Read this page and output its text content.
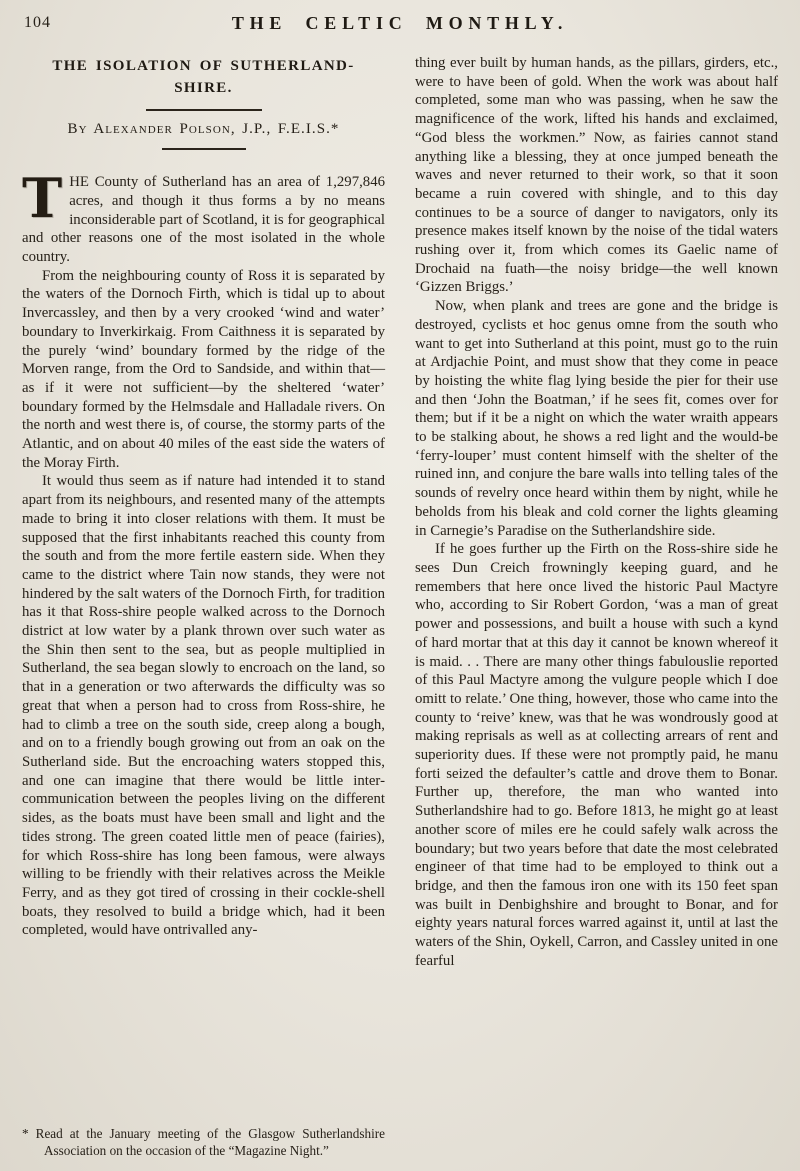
104	THE CELTIC MONTHLY.
THE ISOLATION OF SUTHERLAND-SHIRE.
By Alexander Polson, J.P., F.E.I.S.*

T HE County of Sutherland has an area of 1,297,846 acres, and though it thus forms a by no means inconsiderable part of Scotland, it is for geographical and other reasons one of the most isolated in the whole country.

From the neighbouring county of Ross it is separated by the waters of the Dornoch Firth, which is tidal up to about Invercassley, and then by a very crooked ‘wind and water’ boundary to Inverkirkaig. From Caithness it is separated by the purely ‘wind’ boundary formed by the ridge of the Morven range, from the Ord to Sandside, and within that—as if it were not sufficient—by the sheltered ‘water’ boundary formed by the Helmsdale and Halladale rivers. On the north and west there is, of course, the stormy parts of the Atlantic, and on about 40 miles of the east side the waters of the Moray Firth.

It would thus seem as if nature had intended it to stand apart from its neighbours, and resented many of the attempts made to bring it into closer relations with them. It must be supposed that the first inhabitants reached this county from the south and from the more fertile eastern side. When they came to the district where Tain now stands, they were not hindered by the salt waters of the Dornoch Firth, for tradition has it that Ross-shire people walked across to the Dornoch district at low water by a plank thrown over such water as the Shin then sent to the sea, but as people multiplied in Sutherland, the sea began slowly to encroach on the land, so that in a generation or two afterwards the difficulty was so great that when a person had to cross from Ross-shire, he had to climb a tree on the south side, creep along a bough, and on to a friendly bough growing out from an oak on the Sutherland side. But the encroaching waters stopped this, and one can imagine that there would be little inter-communication between the peoples living on the different sides, as the boats must have been small and light and the tides strong. The green coated little men of peace (fairies), for which Ross-shire has long been famous, were always willing to be friendly with their relatives across the Meikle Ferry, and as they got tired of crossing in their cockle-shell boats, they resolved to build a bridge which, had it been completed, would have ontrivalled any-

* Read at the January meeting of the Glasgow Sutherlandshire Association on the occasion of the “Magazine Night.”

thing ever built by human hands, as the pillars, girders, etc., were to have been of gold. When the work was about half completed, some man who was passing, when he saw the magnificence of the work, lifted his hands and exclaimed, “God bless the workmen.” Now, as fairies cannot stand anything like a blessing, they at once jumped beneath the waves and never returned to their work, so that it soon became a ruin covered with shingle, and to this day continues to be a source of danger to navigators, only its presence makes itself known by the noise of the tidal waters rushing over it, from which comes its Gaelic name of Drochaid na fuath—the noisy bridge—the well known ‘Gizzen Briggs.’

Now, when plank and trees are gone and the bridge is destroyed, cyclists et hoc genus omne from the south who want to get into Sutherland at this point, must go to the ruin at Ardjachie Point, and must show that they come in peace by hoisting the white flag lying beside the pier for their use and then ‘John the Boatman,’ if he sees fit, comes over for them; but if it be a night on which the water wraith appears to be stalking about, he shows a red light and the would-be ‘ferry-louper’ must content himself with the shelter of the ruined inn, and conjure the bare walls into telling tales of the sounds of revelry once heard within them by night, while he beholds from his bleak and cold corner the lights gleaming in Carnegie’s Paradise on the Sutherlandshire side.

If he goes further up the Firth on the Ross-shire side he sees Dun Creich frowningly keeping guard, and he remembers that here once lived the historic Paul Mactyre who, according to Sir Robert Gordon, ‘was a man of great power and possessions, and built a house with such a kynd of hard mortar that at this day it cannot be known whereof it is maid. . . There are many other things fabulouslie reported of this Paul Mactyre among the vulgure people which I doe omitt to relate.’ One thing, however, those who came into the county to ‘reive’ knew, was that he was wondrously good at making reprisals as well as at collecting arrears of rent and superiority dues. If these were not promptly paid, he manu forti seized the defaulter’s cattle and drove them to Bonar. Further up, therefore, the man who wanted into Sutherlandshire had to go. Before 1813, he might go at least another score of miles ere he could safely walk across the boundary; but two years before that date the most celebrated engineer of that time had to be employed to think out a bridge, and then the famous iron one with its 150 feet span was built in Denbighshire and brought to Bonar, and for eighty years natural forces warred against it, until at last the waters of the Shin, Oykell, Carron, and Cassley united in one fearful
